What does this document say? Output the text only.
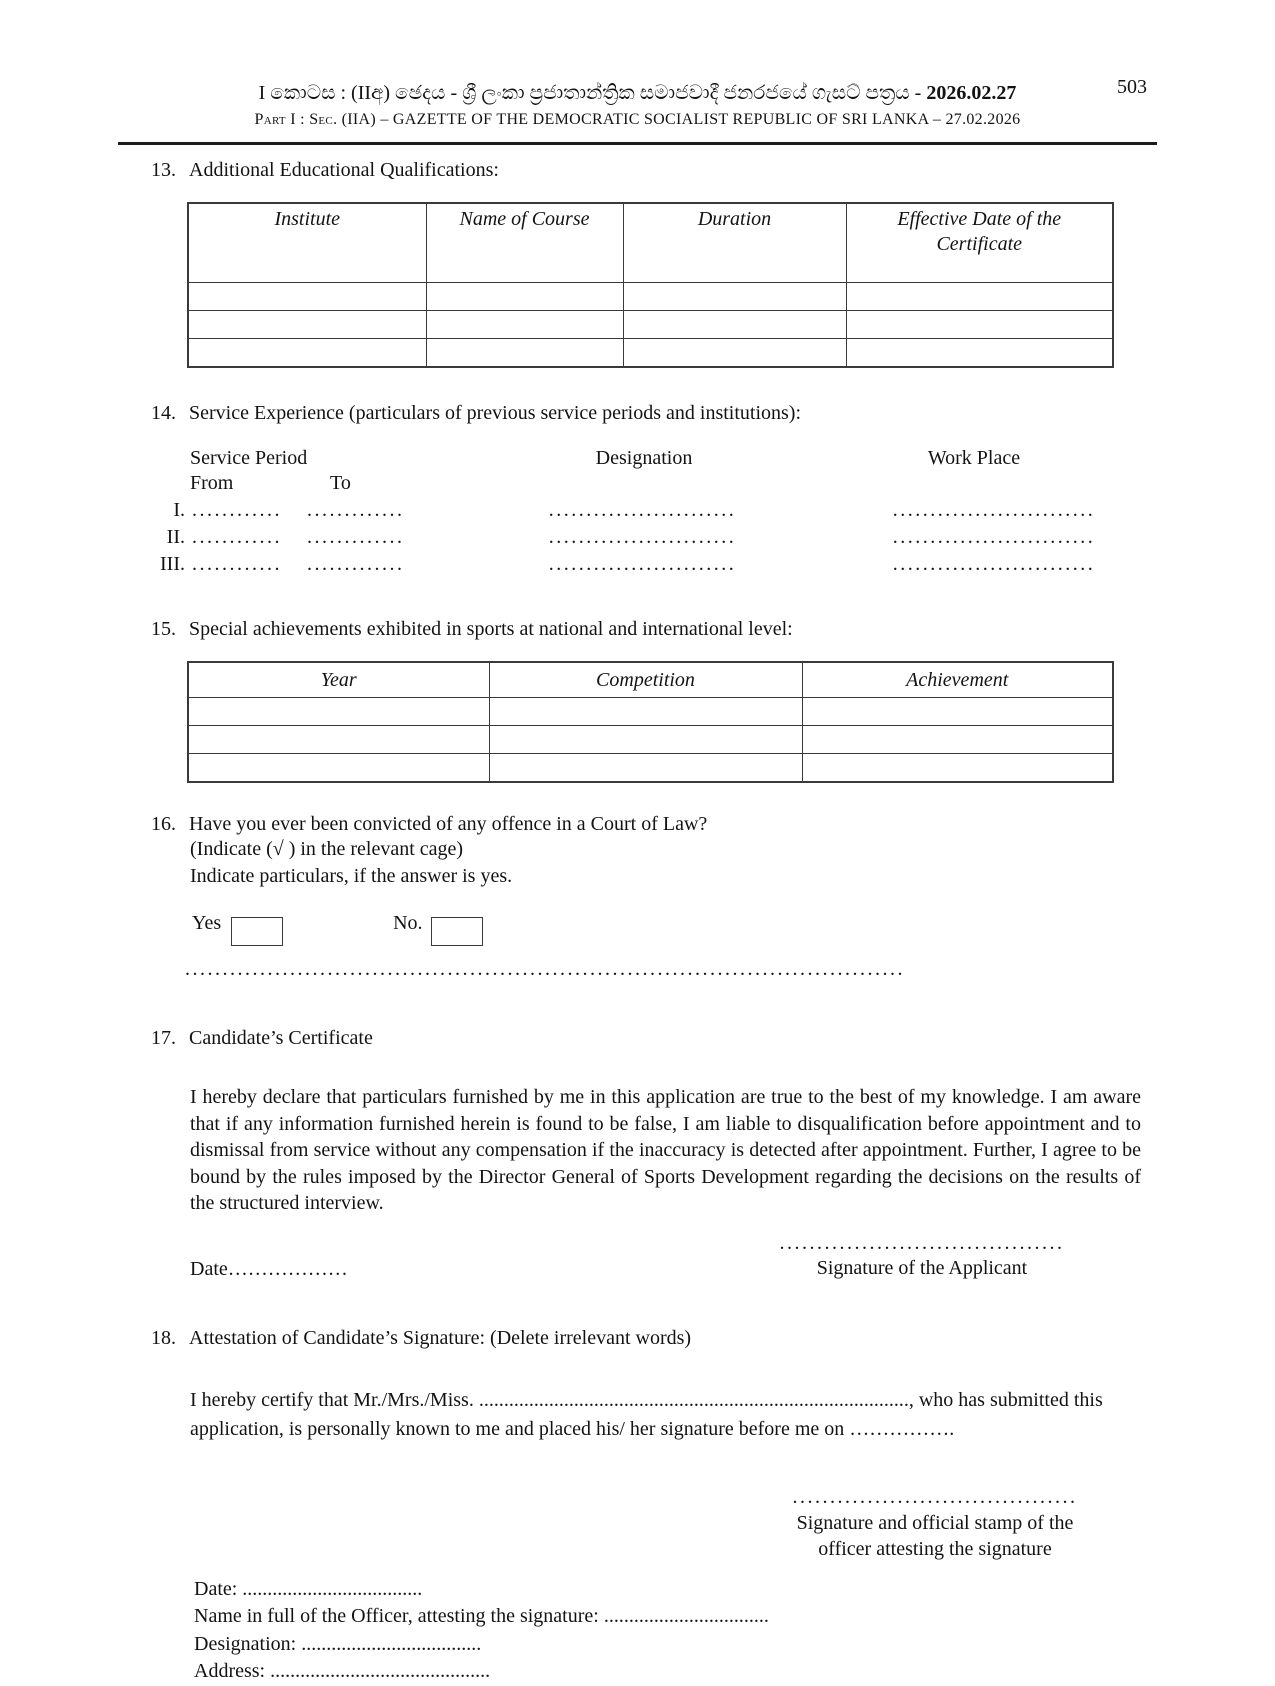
503
I කොටස : (IIඅ) ඡෙදය - ශ්‍රී ලංකා ප්‍රජාතාන්ත්‍රික සමාජවාදී ජනරජයේ ගැසට් පත්‍රය - 2026.02.27
Part I : Sec. (IIA) – GAZETTE OF THE DEMOCRATIC SOCIALIST REPUBLIC OF SRI LANKA – 27.02.2026
13. Additional Educational Qualifications:
Institute	Name of Course	Duration	Effective Date of the Certificate

14. Service Experience (particulars of previous service periods and institutions):
Service Period	Designation	Work Place
From	To
I. ............	.............	.........................	...........................
II. ............	.............	.........................	...........................
III. ............	.............	.........................	...........................
15. Special achievements exhibited in sports at national and international level:
Year	Competition	Achievement

16. Have you ever been convicted of any offence in a Court of Law?
(Indicate (√ ) in the relevant cage)
Indicate particulars, if the answer is yes.
Yes	No.
................................................................................................
17. Candidate’s Certificate
I hereby declare that particulars furnished by me in this application are true to the best of my knowledge. I am aware that if any information furnished herein is found to be false, I am liable to disqualification before appointment and to dismissal from service without any compensation if the inaccuracy is detected after appointment. Further, I agree to be bound by the rules imposed by the Director General of Sports Development regarding the decisions on the results of the structured interview.
Date………………
......................................
Signature of the Applicant
18. Attestation of Candidate’s Signature: (Delete irrelevant words)
I hereby certify that Mr./Mrs./Miss. ......................................................................................, who has submitted this application, is personally known to me and placed his/ her signature before me on …………….
......................................
Signature and official stamp of the
officer attesting the signature
Date: ....................................
Name in full of the Officer, attesting the signature: .................................
Designation: ....................................
Address: ............................................
